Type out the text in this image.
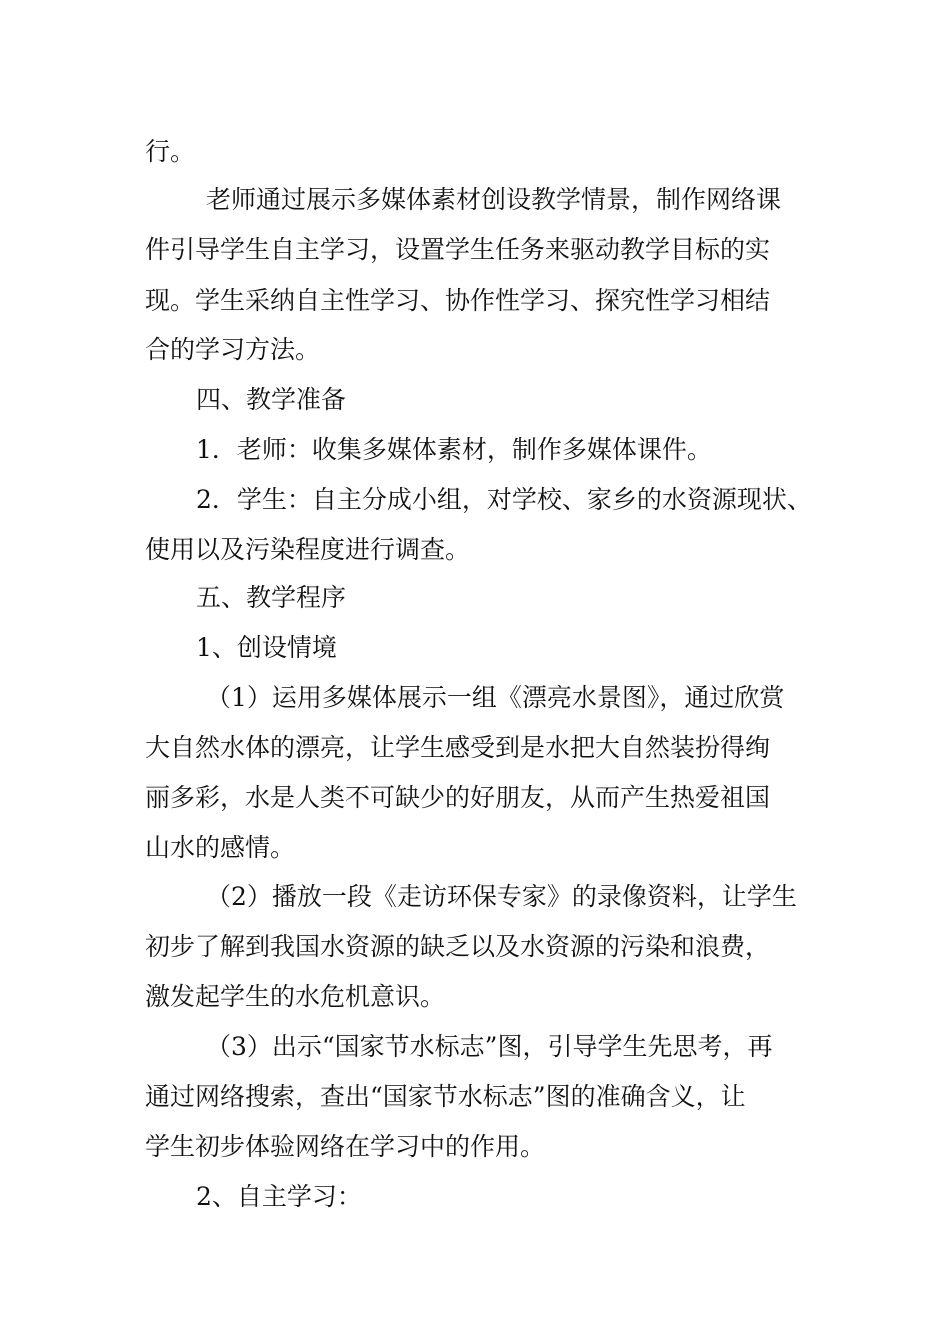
行。
老师通过展示多媒体素材创设教学情景，制作网络课
件引导学生自主学习，设置学生任务来驱动教学目标的实
现。学生采纳自主性学习、协作性学习、探究性学习相结
合的学习方法。
四、教学准备
1．老师：收集多媒体素材，制作多媒体课件。
2．学生：自主分成小组，对学校、家乡的水资源现状、
使用以及污染程度进行调查。
五、教学程序
1、创设情境
（1）运用多媒体展示一组《漂亮水景图》，通过欣赏
大自然水体的漂亮，让学生感受到是水把大自然装扮得绚
丽多彩，水是人类不可缺少的好朋友，从而产生热爱祖国
山水的感情。
（2）播放一段《走访环保专家》的录像资料，让学生
初步了解到我国水资源的缺乏以及水资源的污染和浪费，
激发起学生的水危机意识。
（3）出示“国家节水标志”图，引导学生先思考，再
通过网络搜索，查出“国家节水标志”图的准确含义，让
学生初步体验网络在学习中的作用。
2、自主学习：
